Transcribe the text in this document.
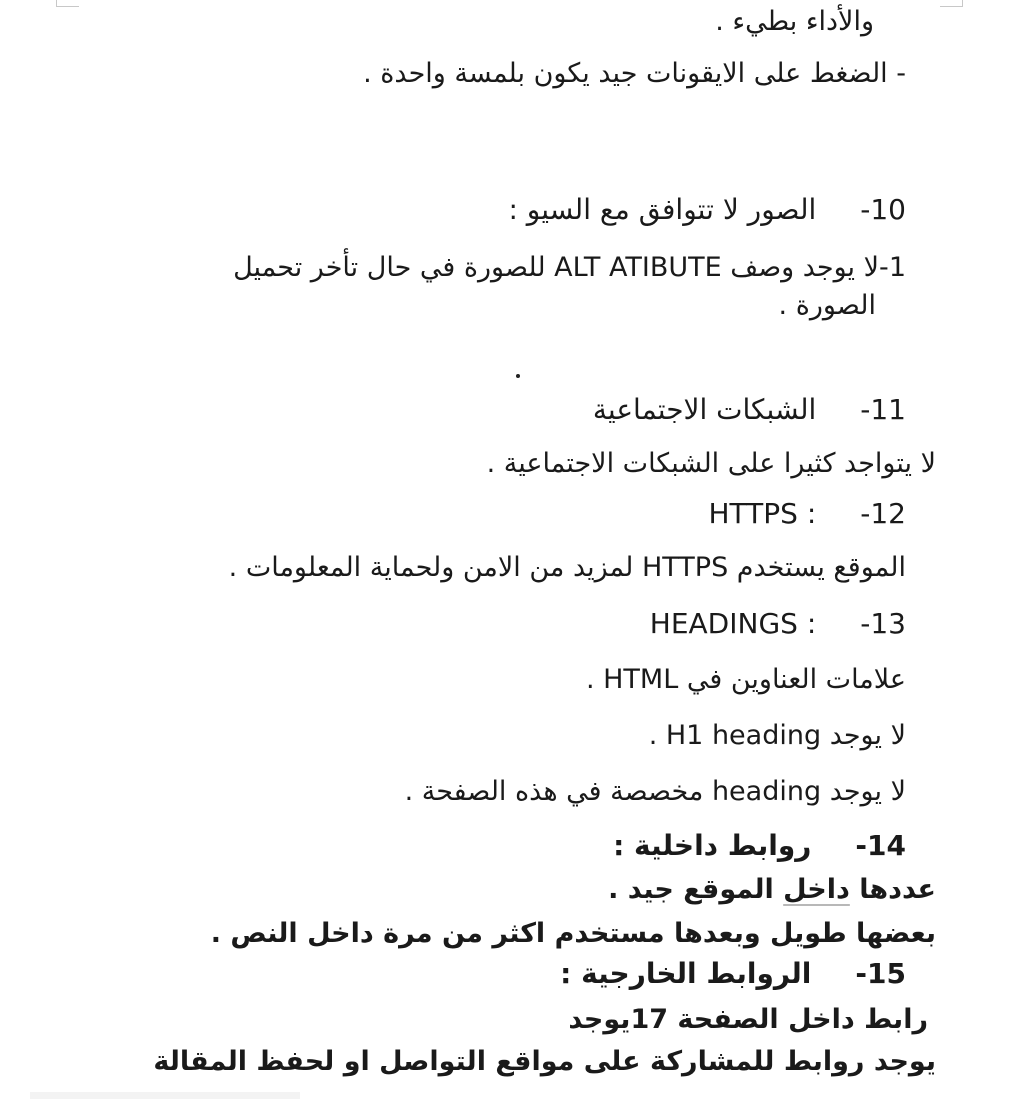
والأداء بطيء .
- الضغط على الايقونات جيد يكون بلمسة واحدة .
الصور لا تتوافق مع السيو : -10
1-لا يوجد وصف ALT ATIBUTE للصورة في حال تأخر تحميل
الصورة .
الشبكات الاجتماعية -11
لا يتواجد كثيرا على الشبكات الاجتماعية .
: HTTPS -12
الموقع يستخدم HTTPS لمزيد من الامن ولحماية المعلومات .
: HEADINGS -13
علامات العناوين في HTML .
لا يوجد H1 heading .
لا يوجد heading مخصصة في هذه الصفحة .
روابط داخلية : -14
عددها داخل الموقع جيد .
بعضها طويل وبعدها مستخدم اكثر من مرة داخل النص .
الروابط الخارجية : -15
رابط داخل الصفحة 17يوجد
يوجد روابط للمشاركة على مواقع التواصل او لحفظ المقالة
